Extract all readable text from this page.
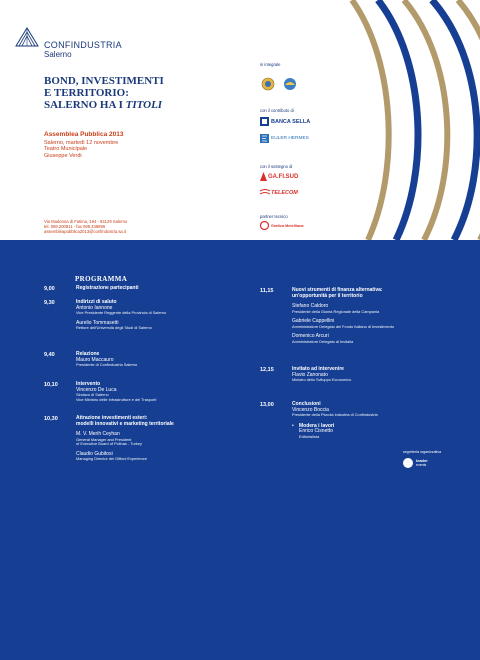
CONFINDUSTRIA
Salerno
BOND, INVESTIMENTI
E TERRITORIO:
SALERNO HA I TITOLI
Assemblea Pubblica 2013
Salerno, martedì 12 novembre
Teatro Municipale
Giuseppe Verdi
Via Madonna di Fatima, 194 - 84129 Salerno
tel. 089.200811 - fax 089.338896
assembleapubblica2013@confindustria.sa.it
in integrale
con il contributo di
BANCA SELLA
EULER HERMES
con il sostegno di
GA.FI.SUD
TELECOM
partner tecnico
Grafica Metelliana
PROGRAMMA
9,00	Registrazione partecipanti
9,30	Indirizzi di saluto
Antonio Iannone
Vice Presidente Reggente della Provincia di Salerno
Aurelio Tommasetti
Rettore dell'Università degli Studi di Salerno
9,40	Relazione
Mauro Maccauro
Presidente di Confindustria Salerno
10,10	Intervento
Vincenzo De Luca
Sindaco di Salerno
Vice Ministro delle Infrastrutture e dei Trasporti
10,30	Attrazione investimenti esteri:
modelli innovativi e marketing territoriale
M. V. Merih Ceyhan
General Manager and President
of Executive Board of Polinas - Turkey
Claudio Gubitosi
Managing Director del Giffoni Experience
11,15	Nuovi strumenti di finanza alternativa:
un'opportunità per il territorio
Stefano Caldoro
Presidente della Giunta Regionale della Campania
Gabriele Cappellini
Amministratore Delegato del Fondo Italiano di Investimento
Domenico Arcuri
Amministratore Delegato di Invitalia
12,15	Invitato ad intervenire
Flavio Zanonato
Ministro dello Sviluppo Economico
13,00	Conclusioni
Vincenzo Boccia
Presidente della Piccola Industria di Confindustria
• Modera i lavori
Enrico Cisnetto
Editorialista
segreteria organizzativa
leader
events
